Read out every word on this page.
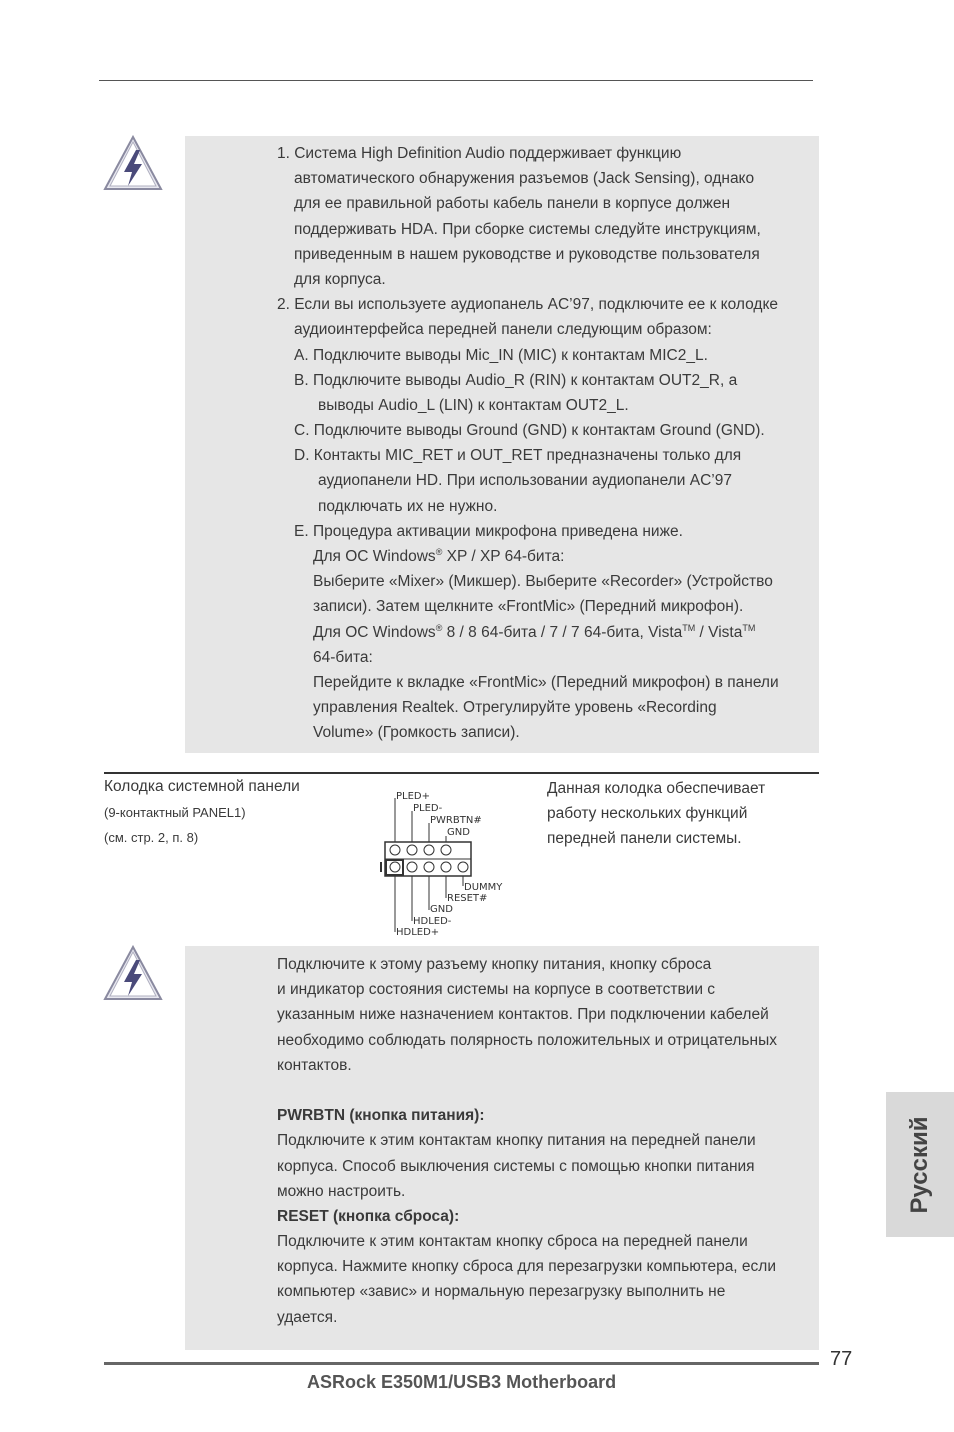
1. Система High Definition Audio поддерживает функцию
автоматического обнаружения разъемов (Jack Sensing), однако
для ее правильной работы кабель панели в корпусе должен
поддерживать HDA. При сборке системы следуйте инструкциям,
приведенным в нашем руководстве и руководстве пользователя
для корпуса.
2. Если вы используете аудиопанель AC’97, подключите ее к колодке
аудиоинтерфейса передней панели следующим образом:
A. Подключите выводы Mic_IN (MIC) к контактам MIC2_L.
B. Подключите выводы Audio_R (RIN) к контактам OUT2_R, а
выводы Audio_L (LIN) к контактам OUT2_L.
C. Подключите выводы Ground (GND) к контактам Ground (GND).
D. Контакты MIC_RET и OUT_RET предназначены только для
аудиопанели HD. При использовании аудиопанели AC’97
подключать их не нужно.
E. Процедура активации микрофона приведена ниже.
Для ОС Windows® XP / XP 64-бита:
Выберите «Mixer» (Микшер). Выберите «Recorder» (Устройство
записи). Затем щелкните «FrontMic» (Передний микрофон).
Для ОС Windows® 8 / 8 64-бита / 7 / 7 64-бита, Vista™ / Vista™
64-бита:
Перейдите к вкладке «FrontMic» (Передний микрофон) в панели
управления Realtek. Отрегулируйте уровень «Recording
Volume» (Громкость записи).
Колодка системной панели
(9-контактный PANEL1)
(см. стр. 2, п. 8)
Данная колодка обеспечивает
работу нескольких функций
передней панели системы.
PLED+
PLED-
PWRBTN#
GND
DUMMY
RESET#
GND
HDLED-
HDLED+
Подключите к этому разъему кнопку питания, кнопку сброса
и индикатор состояния системы на корпусе в соответствии с
указанным ниже назначением контактов. При подключении кабелей
необходимо соблюдать полярность положительных и отрицательных
контактов.
PWRBTN (кнопка питания):
Подключите к этим контактам кнопку питания на передней панели
корпуса. Способ выключения системы с помощью кнопки питания
можно настроить.
RESET (кнопка сброса):
Подключите к этим контактам кнопку сброса на передней панели
корпуса. Нажмите кнопку сброса для перезагрузки компьютера, если
компьютер «завис» и нормальную перезагрузку выполнить не
удается.
Русский
77
ASRock E350M1/USB3 Motherboard
